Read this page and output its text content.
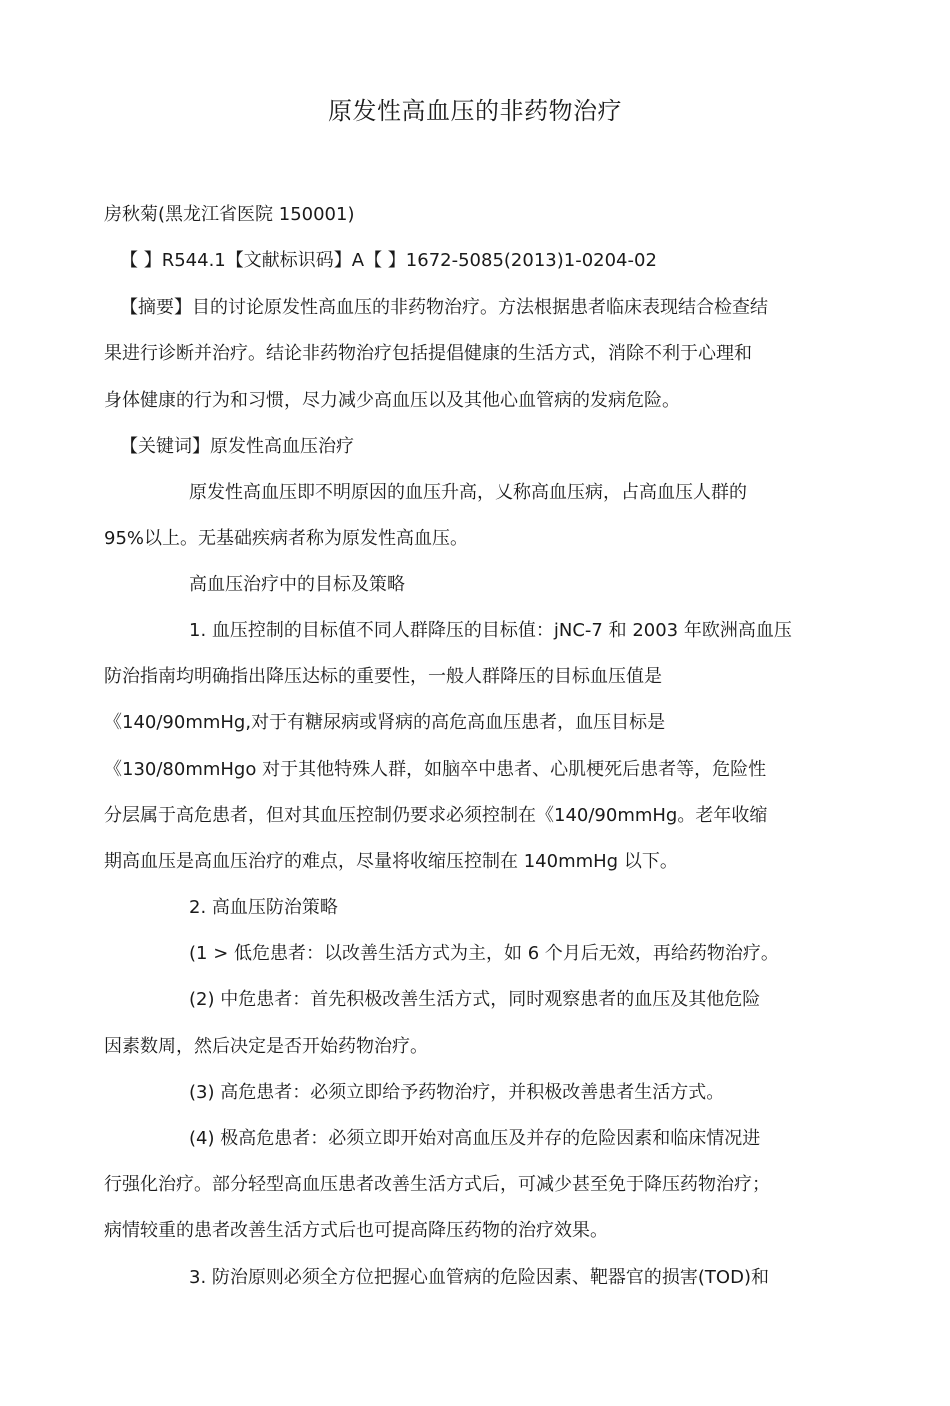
原发性高血压的非药物治疗
房秋菊(黑龙江省医院 150001)
【 】R544.1【文献标识码】A【 】1672-5085(2013)1-0204-02
【摘要】目的讨论原发性高血压的非药物治疗。方法根据患者临床表现结合检查结
果进行诊断并治疗。结论非药物治疗包括提倡健康的生活方式，消除不利于心理和
身体健康的行为和习惯，尽力减少高血压以及其他心血管病的发病危险。
【关键词】原发性高血压治疗
原发性高血压即不明原因的血压升高，乂称高血压病，占高血压人群的
95%以上。无基础疾病者称为原发性高血压。
高血压治疗中的目标及策略
1. 血压控制的目标值不同人群降压的目标值：jNC-7 和 2003 年欧洲高血压
防治指南均明确指出降压达标的重要性，一般人群降压的目标血压值是
《140/90mmHg,对于有糖尿病或肾病的高危高血压患者，血压目标是
《130/80mmHgo 对于其他特殊人群，如脑卒中患者、心肌梗死后患者等，危险性
分层属于高危患者，但对其血压控制仍要求必须控制在《140/90mmHg。老年收缩
期高血压是高血压治疗的难点，尽量将收缩压控制在 140mmHg 以下。
2. 高血压防治策略
(1 > 低危患者：以改善生活方式为主，如 6 个月后无效，再给药物治疗。
(2) 中危患者：首先积极改善生活方式，同时观察患者的血压及其他危险
因素数周，然后决定是否开始药物治疗。
(3) 高危患者：必须立即给予药物治疗，并积极改善患者生活方式。
(4) 极高危患者：必须立即开始对高血压及并存的危险因素和临床情况进
行强化治疗。部分轻型高血压患者改善生活方式后，可减少甚至免于降压药物治疗；
病情较重的患者改善生活方式后也可提高降压药物的治疗效果。
3. 防治原则必须全方位把握心血管病的危险因素、靶器官的损害(TOD)和
